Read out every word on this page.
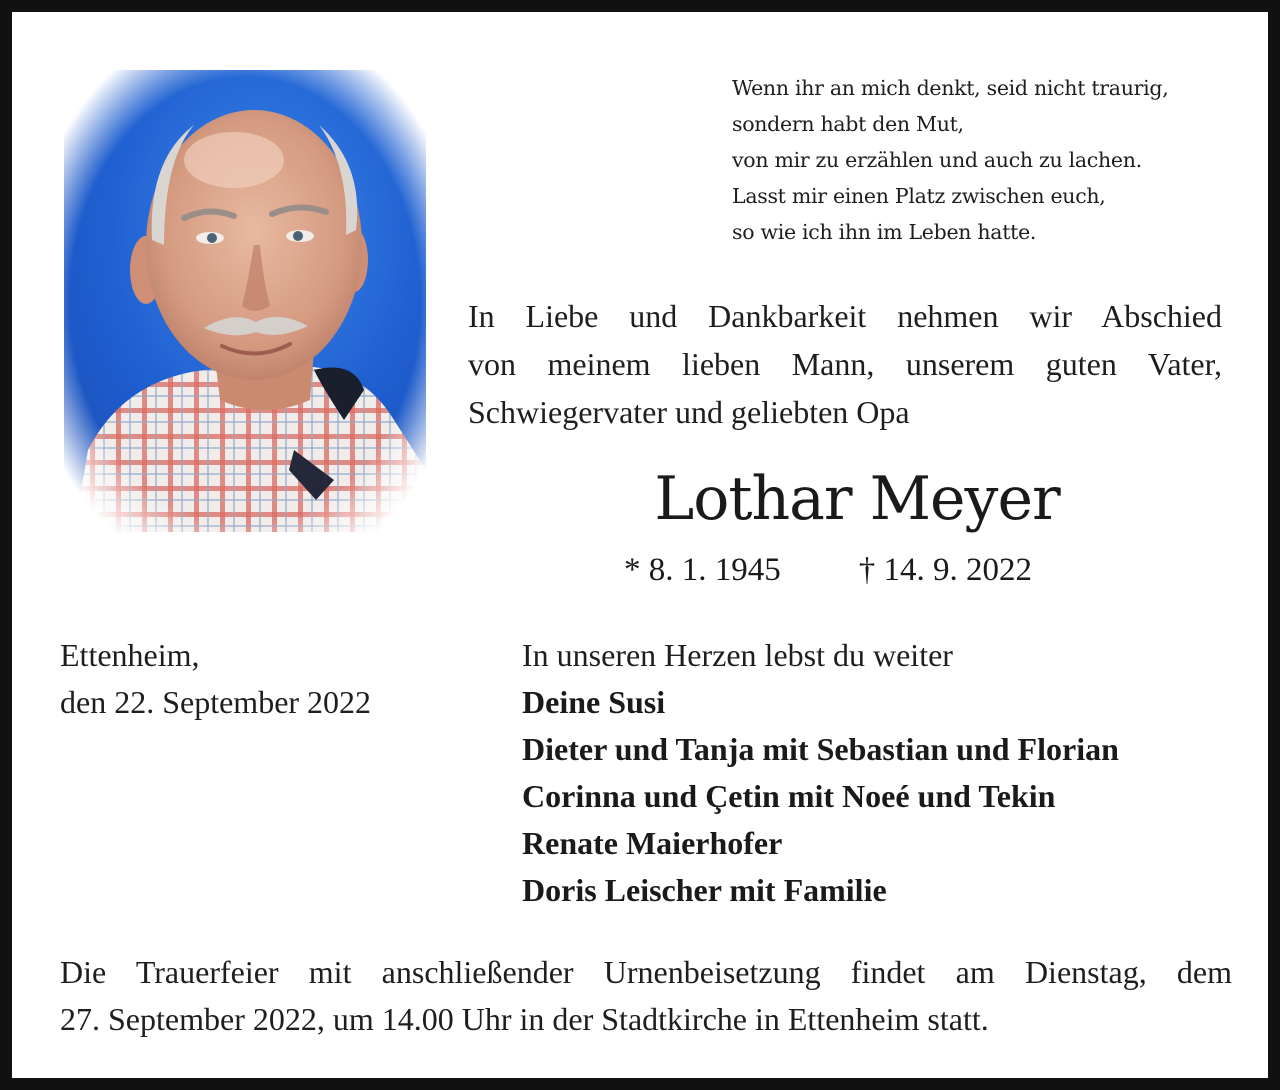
Wenn ihr an mich denkt, seid nicht traurig,
sondern habt den Mut,
von mir zu erzählen und auch zu lachen.
Lasst mir einen Platz zwischen euch,
so wie ich ihn im Leben hatte.
In Liebe und Dankbarkeit nehmen wir Abschied
von meinem lieben Mann, unserem guten Vater,
Schwiegervater und geliebten Opa
Lothar Meyer
* 8. 1. 1945 † 14. 9. 2022
Ettenheim,
den 22. September 2022
In unseren Herzen lebst du weiter
Deine Susi
Dieter und Tanja mit Sebastian und Florian
Corinna und Çetin mit Noeé und Tekin
Renate Maierhofer
Doris Leischer mit Familie
Die Trauerfeier mit anschließender Urnenbeisetzung findet am Dienstag, dem
27. September 2022, um 14.00 Uhr in der Stadtkirche in Ettenheim statt.
